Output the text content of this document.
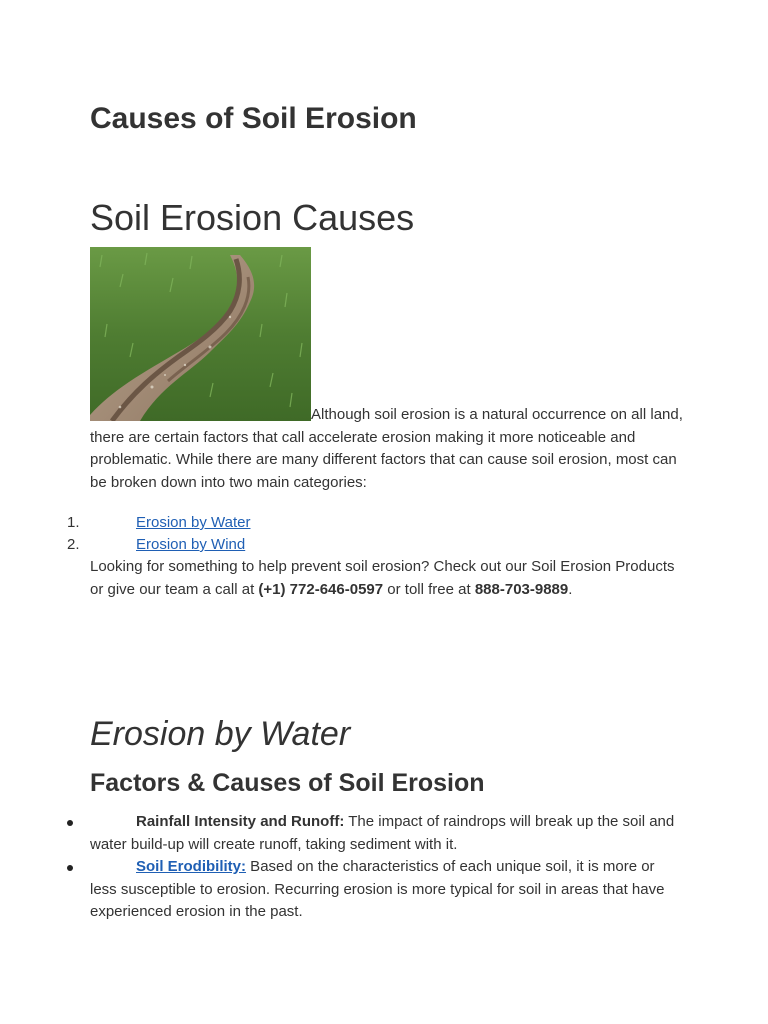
Causes of Soil Erosion
Soil Erosion Causes

Although soil erosion is a natural occurrence on all land, there are certain factors that call accelerate erosion making it more noticeable and problematic. While there are many different factors that can cause soil erosion, most can be broken down into two main categories:

1.	Erosion by Water
2.	Erosion by Wind

Looking for something to help prevent soil erosion? Check out our Soil Erosion Products or give our team a call at (+1) 772-646-0597 or toll free at 888-703-9889.

Erosion by Water
Factors & Causes of Soil Erosion
Rainfall Intensity and Runoff: The impact of raindrops will break up the soil and water build-up will create runoff, taking sediment with it.
Soil Erodibility: Based on the characteristics of each unique soil, it is more or less susceptible to erosion. Recurring erosion is more typical for soil in areas that have experienced erosion in the past.
